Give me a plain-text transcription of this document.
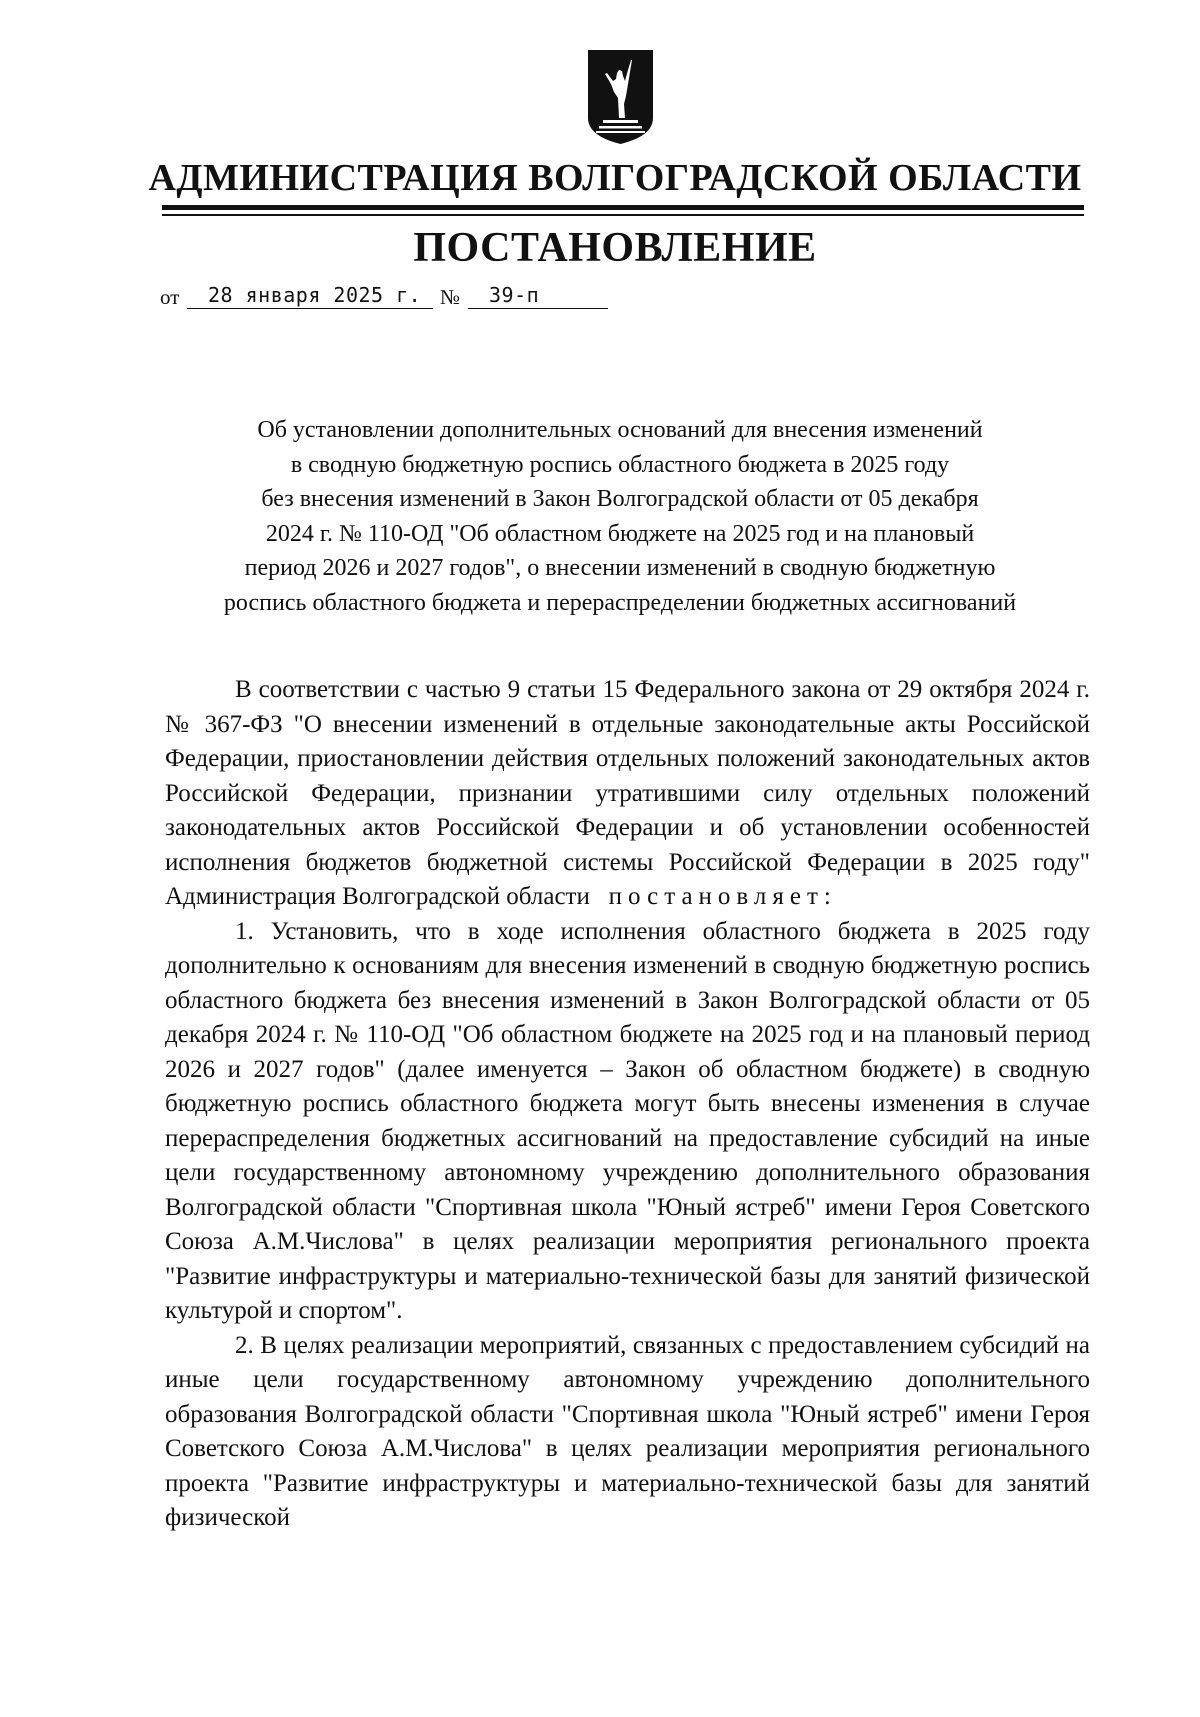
АДМИНИСТРАЦИЯ ВОЛГОГРАДСКОЙ ОБЛАСТИ
ПОСТАНОВЛЕНИЕ
от	28 января 2025 г. №	39-п
Об установлении дополнительных оснований для внесения изменений
в сводную бюджетную роспись областного бюджета в 2025 году
без внесения изменений в Закон Волгоградской области от 05 декабря
2024 г. № 110-ОД "Об областном бюджете на 2025 год и на плановый
период 2026 и 2027 годов", о внесении изменений в сводную бюджетную
роспись областного бюджета и перераспределении бюджетных ассигнований

В соответствии с частью 9 статьи 15 Федерального закона от 29 октября 2024 г. № 367-ФЗ "О внесении изменений в отдельные законодательные акты Российской Федерации, приостановлении действия отдельных положений законодательных актов Российской Федерации, признании утратившими силу отдельных положений законодательных актов Российской Федерации и об установлении особенностей исполнения бюджетов бюджетной системы Российской Федерации в 2025 году" Администрация Волгоградской области постановляет:

1. Установить, что в ходе исполнения областного бюджета в 2025 году дополнительно к основаниям для внесения изменений в сводную бюджетную роспись областного бюджета без внесения изменений в Закон Волгоградской области от 05 декабря 2024 г. № 110-ОД "Об областном бюджете на 2025 год и на плановый период 2026 и 2027 годов" (далее именуется – Закон об областном бюджете) в сводную бюджетную роспись областного бюджета могут быть внесены изменения в случае перераспределения бюджетных ассигнований на предоставление субсидий на иные цели государственному автономному учреждению дополнительного образования Волгоградской области "Спортивная школа "Юный ястреб" имени Героя Советского Союза А.М.Числова" в целях реализации мероприятия регионального проекта "Развитие инфраструктуры и материально-технической базы для занятий физической культурой и спортом".

2. В целях реализации мероприятий, связанных с предоставлением субсидий на иные цели государственному автономному учреждению дополнительного образования Волгоградской области "Спортивная школа "Юный ястреб" имени Героя Советского Союза А.М.Числова" в целях реализации мероприятия регионального проекта "Развитие инфраструктуры и материально-технической базы для занятий физической
